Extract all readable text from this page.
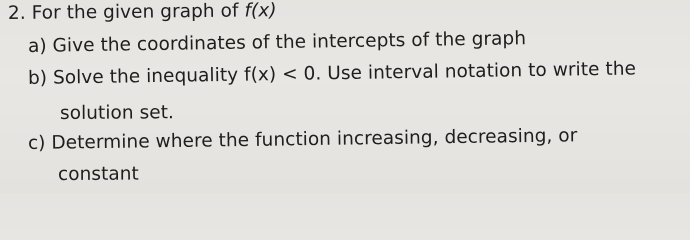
2. For the given graph of f(x)
a) Give the coordinates of the intercepts of the graph
b) Solve the inequality f(x) < 0. Use interval notation to write the
solution set.
c) Determine where the function increasing, decreasing, or
constant
